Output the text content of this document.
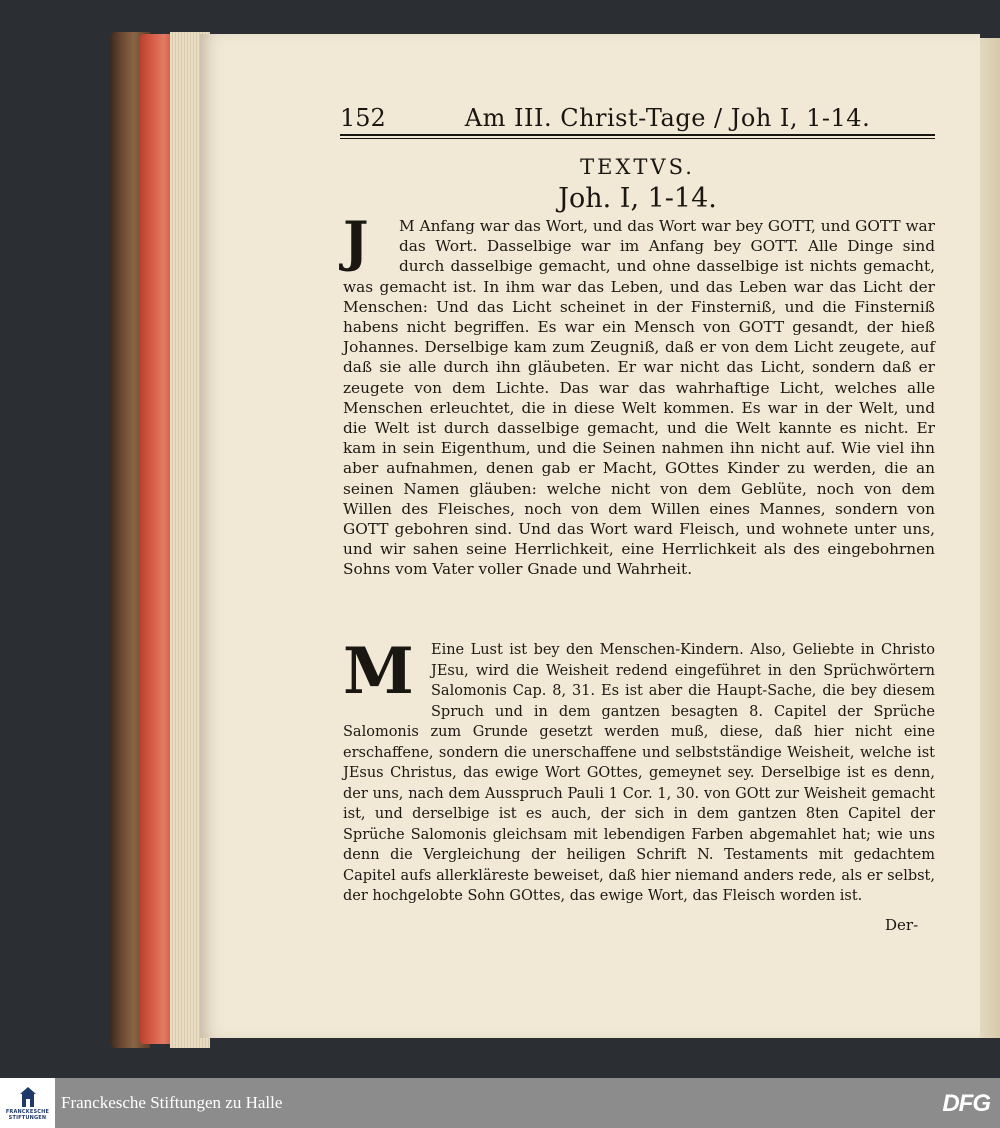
152	Am III. Christ-Tage / Joh I, 1-14.
TEXTVS.
Joh. I, 1-14.
J	M Anfang war das Wort, und das Wort war bey GOTT, und GOTT war das Wort. Dasselbige war im Anfang bey GOTT. Alle Dinge sind durch dasselbige gemacht, und ohne dasselbige ist nichts gemacht, was gemacht ist. In ihm war das Leben, und das Leben war das Licht der Menschen: Und das Licht scheinet in der Finsterniß, und die Finsterniß habens nicht begriffen. Es war ein Mensch von GOTT gesandt, der hieß Johannes. Derselbige kam zum Zeugniß, daß er von dem Licht zeugete, auf daß sie alle durch ihn gläubeten. Er war nicht das Licht, sondern daß er zeugete von dem Lichte. Das war das wahrhaftige Licht, welches alle Menschen erleuchtet, die in diese Welt kommen. Es war in der Welt, und die Welt ist durch dasselbige gemacht, und die Welt kannte es nicht. Er kam in sein Eigenthum, und die Seinen nahmen ihn nicht auf. Wie viel ihn aber aufnahmen, denen gab er Macht, GOttes Kinder zu werden, die an seinen Namen gläuben: welche nicht von dem Geblüte, noch von dem Willen des Fleisches, noch von dem Willen eines Mannes, sondern von GOTT gebohren sind. Und das Wort ward Fleisch, und wohnete unter uns, und wir sahen seine Herrlichkeit, eine Herrlichkeit als des eingebohrnen Sohns vom Vater voller Gnade und Wahrheit.
M	Eine Lust ist bey den Menschen-Kindern. Also, Geliebte in Christo JEsu, wird die Weisheit redend eingeführet in den Sprüchwörtern Salomonis Cap. 8, 31. Es ist aber die Haupt-Sache, die bey diesem Spruch und in dem gantzen besagten 8. Capitel der Sprüche Salomonis zum Grunde gesetzt werden muß, diese, daß hier nicht eine erschaffene, sondern die unerschaffene und selbstständige Weisheit, welche ist JEsus Christus, das ewige Wort GOttes, gemeynet sey. Derselbige ist es denn, der uns, nach dem Ausspruch Pauli 1 Cor. 1, 30. von GOtt zur Weisheit gemacht ist, und derselbige ist es auch, der sich in dem gantzen 8ten Capitel der Sprüche Salomonis gleichsam mit lebendigen Farben abgemahlet hat; wie uns denn die Vergleichung der heiligen Schrift N. Testaments mit gedachtem Capitel aufs allerkläreste beweiset, daß hier niemand anders rede, als er selbst, der hochgelobte Sohn GOttes, das ewige Wort, das Fleisch worden ist.
Der-
FRANCKESCHE
STIFTUNGEN
Franckesche Stiftungen zu Halle	DFG
